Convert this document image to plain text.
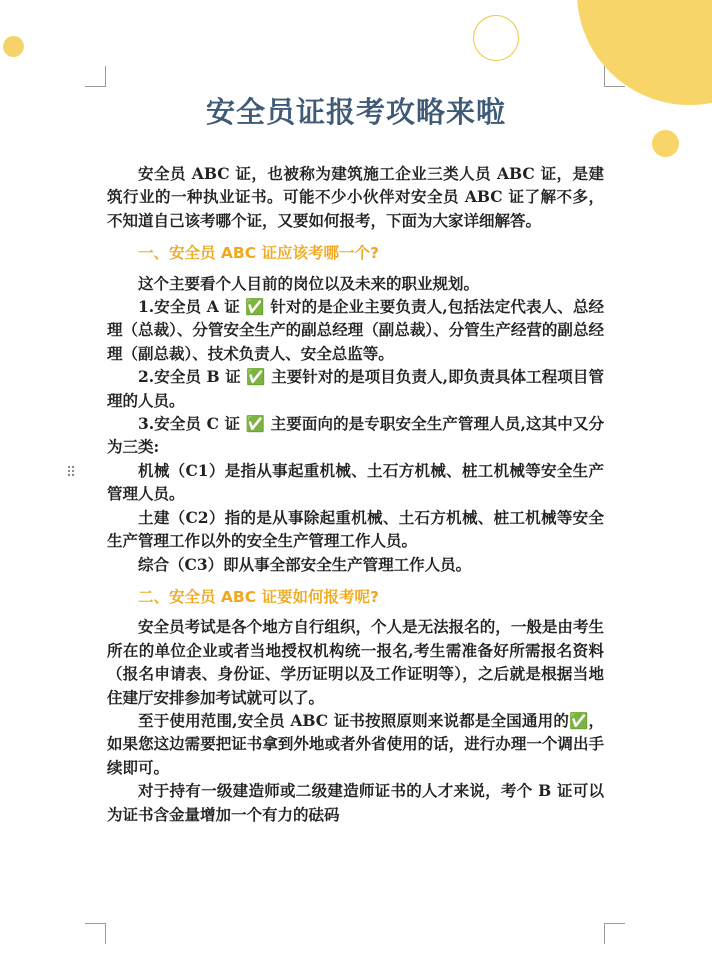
⠿
安全员证报考攻略来啦

安全员 ABC 证，也被称为建筑施工企业三类人员 ABC 证，是建筑行业的一种执业证书。可能不少小伙伴对安全员 ABC 证了解不多，不知道自己该考哪个证，又要如何报考，下面为大家详细解答。

一、安全员 ABC 证应该考哪一个?

这个主要看个人目前的岗位以及未来的职业规划。

1.安全员 A 证 ✅ 针对的是企业主要负责人,包括法定代表人、总经理（总裁）、分管安全生产的副总经理（副总裁）、分管生产经营的副总经理（副总裁）、技术负责人、安全总监等。

2.安全员 B 证 ✅ 主要针对的是项目负责人,即负责具体工程项目管理的人员。

3.安全员 C 证 ✅ 主要面向的是专职安全生产管理人员,这其中又分为三类:

机械（C1）是指从事起重机械、土石方机械、桩工机械等安全生产管理人员。

土建（C2）指的是从事除起重机械、土石方机械、桩工机械等安全生产管理工作以外的安全生产管理工作人员。

综合（C3）即从事全部安全生产管理工作人员。

二、安全员 ABC 证要如何报考呢?

安全员考试是各个地方自行组织，个人是无法报名的，一般是由考生所在的单位企业或者当地授权机构统一报名,考生需准备好所需报名资料（报名申请表、身份证、学历证明以及工作证明等），之后就是根据当地住建厅安排参加考试就可以了。

至于使用范围,安全员 ABC 证书按照原则来说都是全国通用的✅，如果您这边需要把证书拿到外地或者外省使用的话，进行办理一个调出手续即可。

对于持有一级建造师或二级建造师证书的人才来说，考个 B 证可以为证书含金量增加一个有力的砝码
